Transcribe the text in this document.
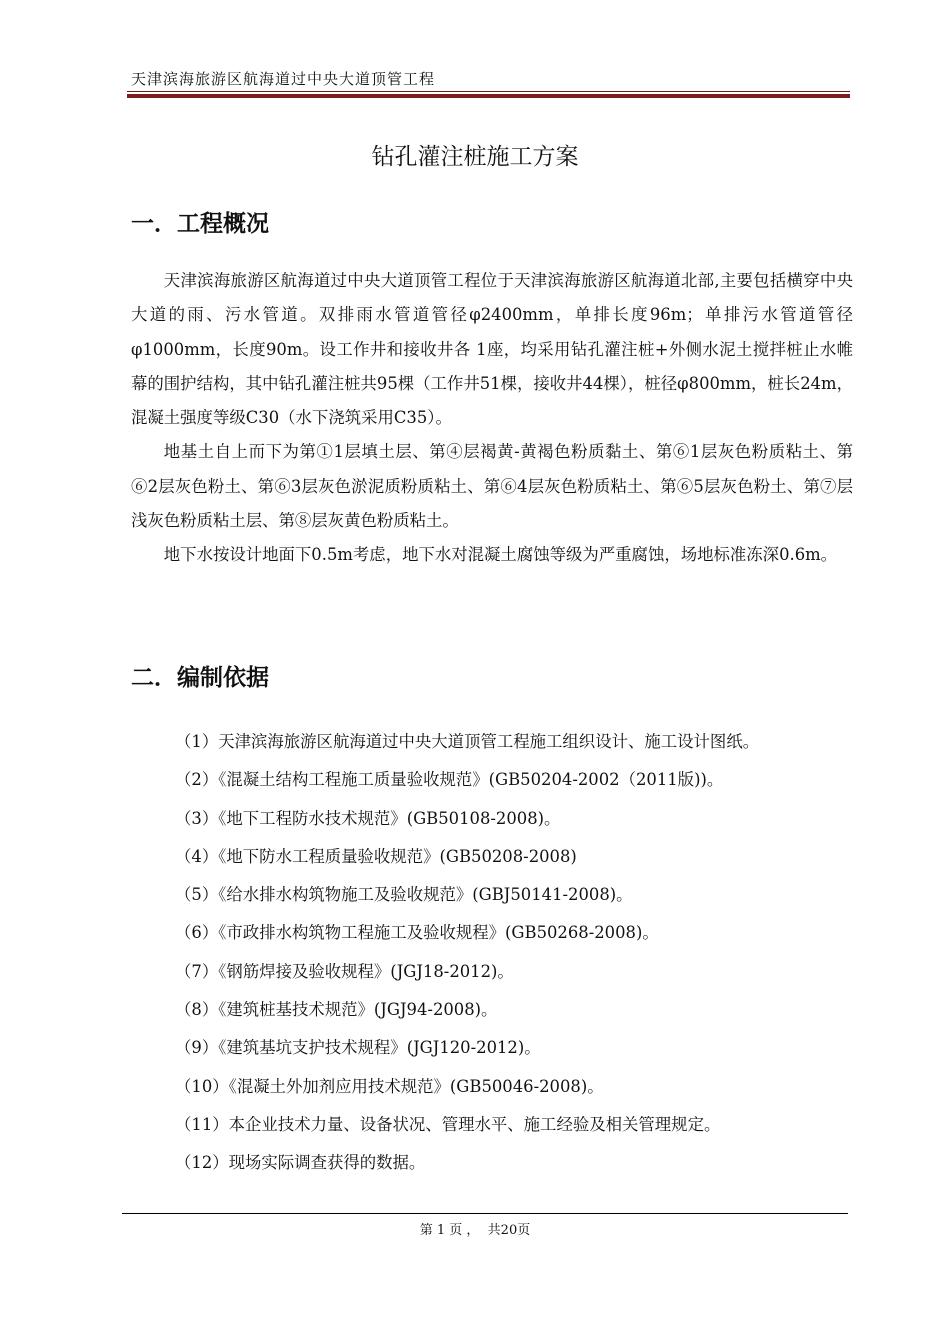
天津滨海旅游区航海道过中央大道顶管工程
钻孔灌注桩施工方案
一．工程概况

天津滨海旅游区航海道过中央大道顶管工程位于天津滨海旅游区航海道北部,主要包括横穿中央大道的雨、污水管道。双排雨水管道管径φ2400mm，单排长度96m；单排污水管道管径φ1000mm，长度90m。设工作井和接收井各 1座，均采用钻孔灌注桩+外侧水泥土搅拌桩止水帷幕的围护结构，其中钻孔灌注桩共95棵（工作井51棵，接收井44棵），桩径φ800mm，桩长24m，混凝土强度等级C30（水下浇筑采用C35）。

地基土自上而下为第①1层填土层、第④层褐黄-黄褐色粉质黏土、第⑥1层灰色粉质粘土、第⑥2层灰色粉土、第⑥3层灰色淤泥质粉质粘土、第⑥4层灰色粉质粘土、第⑥5层灰色粉土、第⑦层浅灰色粉质粘土层、第⑧层灰黄色粉质粘土。

地下水按设计地面下0.5m考虑，地下水对混凝土腐蚀等级为严重腐蚀，场地标准冻深0.6m。

二．编制依据
（1）天津滨海旅游区航海道过中央大道顶管工程施工组织设计、施工设计图纸。
（2）《混凝土结构工程施工质量验收规范》(GB50204-2002（2011版))。
（3）《地下工程防水技术规范》(GB50108-2008)。
（4）《地下防水工程质量验收规范》(GB50208-2008)
（5）《给水排水构筑物施工及验收规范》(GBJ50141-2008)。
（6）《市政排水构筑物工程施工及验收规程》(GB50268-2008)。
（7）《钢筋焊接及验收规程》(JGJ18-2012)。
（8）《建筑桩基技术规范》(JGJ94-2008)。
（9）《建筑基坑支护技术规程》(JGJ120-2012)。
（10）《混凝土外加剂应用技术规范》(GB50046-2008)。
（11）本企业技术力量、设备状况、管理水平、施工经验及相关管理规定。
（12）现场实际调查获得的数据。
第 1 页 ，  共20页
